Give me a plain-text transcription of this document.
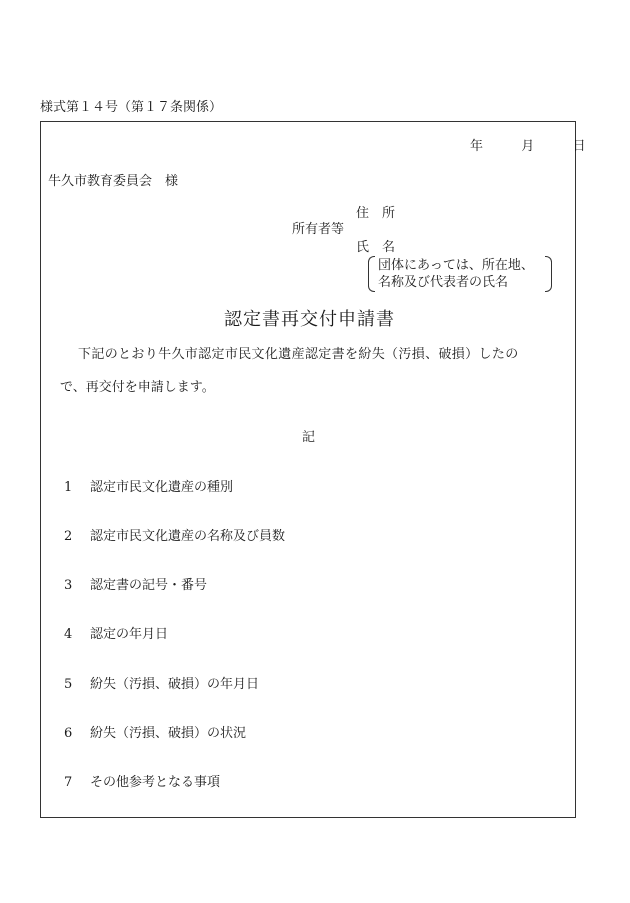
様式第１４号（第１７条関係）
年	月	日
牛久市教育委員会　様
住　所
所有者等
氏　名
団体にあっては、所在地、
名称及び代表者の氏名
認定書再交付申請書
下記のとおり牛久市認定市民文化遺産認定書を紛失（汚損、破損）したの
で、再交付を申請します。
記
1 認定市民文化遺産の種別
2 認定市民文化遺産の名称及び員数
3 認定書の記号・番号
4 認定の年月日
5 紛失（汚損、破損）の年月日
6 紛失（汚損、破損）の状況
7 その他参考となる事項
